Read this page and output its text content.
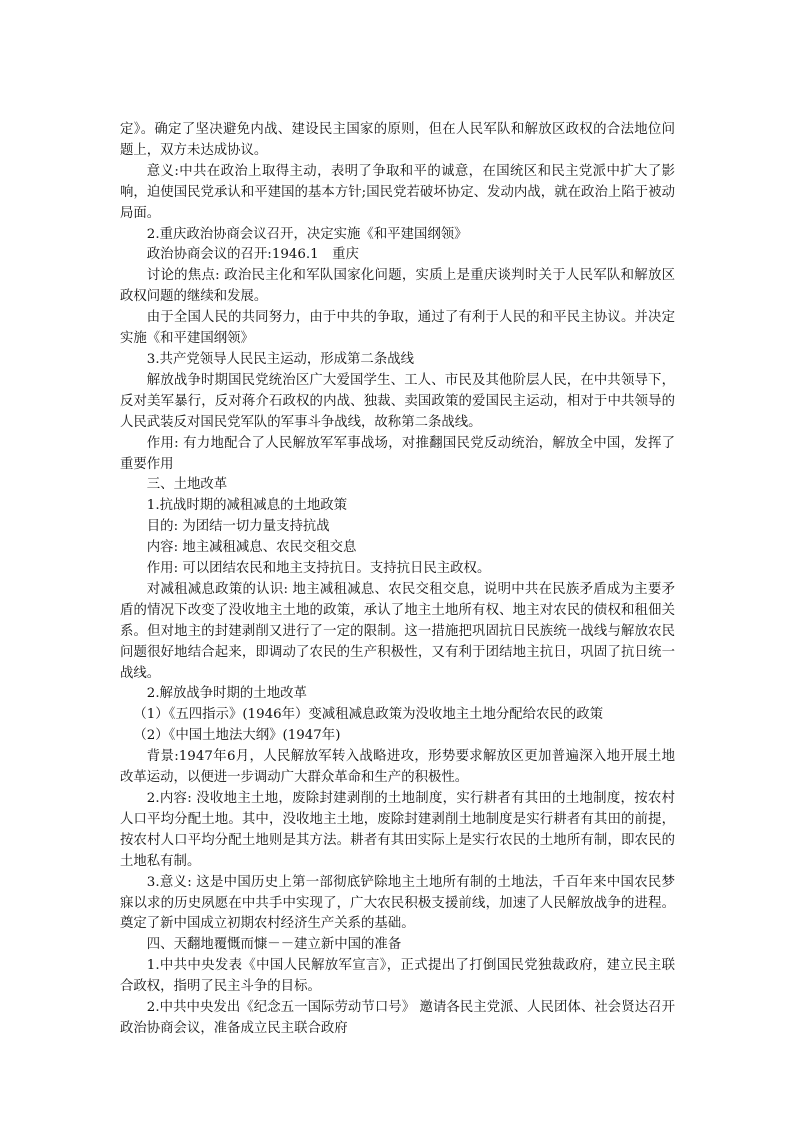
定》。确定了坚决避免内战、建设民主国家的原则，但在人民军队和解放区政权的合法地位问题上，双方未达成协议。

意义:中共在政治上取得主动，表明了争取和平的诚意，在国统区和民主党派中扩大了影响，迫使国民党承认和平建国的基本方针;国民党若破坏协定、发动内战，就在政治上陷于被动局面。

2.重庆政治协商会议召开，决定实施《和平建国纲领》

政治协商会议的召开:1946.1　重庆

讨论的焦点: 政治民主化和军队国家化问题，实质上是重庆谈判时关于人民军队和解放区政权问题的继续和发展。

由于全国人民的共同努力，由于中共的争取，通过了有利于人民的和平民主协议。并决定实施《和平建国纲领》

3.共产党领导人民民主运动，形成第二条战线

解放战争时期国民党统治区广大爱国学生、工人、市民及其他阶层人民，在中共领导下，反对美军暴行，反对蒋介石政权的内战、独裁、卖国政策的爱国民主运动，相对于中共领导的人民武装反对国民党军队的军事斗争战线，故称第二条战线。

作用: 有力地配合了人民解放军军事战场，对推翻国民党反动统治，解放全中国，发挥了重要作用

三、土地改革

1.抗战时期的减租减息的土地政策

目的: 为团结一切力量支持抗战

内容: 地主减租减息、农民交租交息

作用: 可以团结农民和地主支持抗日。支持抗日民主政权。

对减租减息政策的认识: 地主减租减息、农民交租交息，说明中共在民族矛盾成为主要矛盾的情况下改变了没收地主土地的政策，承认了地主土地所有权、地主对农民的债权和租佃关系。但对地主的封建剥削又进行了一定的限制。这一措施把巩固抗日民族统一战线与解放农民问题很好地结合起来，即调动了农民的生产积极性，又有利于团结地主抗日，巩固了抗日统一战线。

2.解放战争时期的土地改革

（1）《五四指示》(1946年）变减租减息政策为没收地主土地分配给农民的政策

（2）《中国土地法大纲》(1947年)

背景:1947年6月，人民解放军转入战略进攻，形势要求解放区更加普遍深入地开展土地改革运动，以便进一步调动广大群众革命和生产的积极性。

2.内容: 没收地主土地，废除封建剥削的土地制度，实行耕者有其田的土地制度，按农村人口平均分配土地。其中，没收地主土地，废除封建剥削土地制度是实行耕者有其田的前提，按农村人口平均分配土地则是其方法。耕者有其田实际上是实行农民的土地所有制，即农民的土地私有制。

3.意义: 这是中国历史上第一部彻底铲除地主土地所有制的土地法，千百年来中国农民梦寐以求的历史夙愿在中共手中实现了，广大农民积极支援前线，加速了人民解放战争的进程。奠定了新中国成立初期农村经济生产关系的基础。

四、天翻地覆慨而慷－－建立新中国的准备

1.中共中央发表《中国人民解放军宣言》，正式提出了打倒国民党独裁政府，建立民主联合政权，指明了民主斗争的目标。

2.中共中央发出《纪念五一国际劳动节口号》 邀请各民主党派、人民团体、社会贤达召开政治协商会议，准备成立民主联合政府
